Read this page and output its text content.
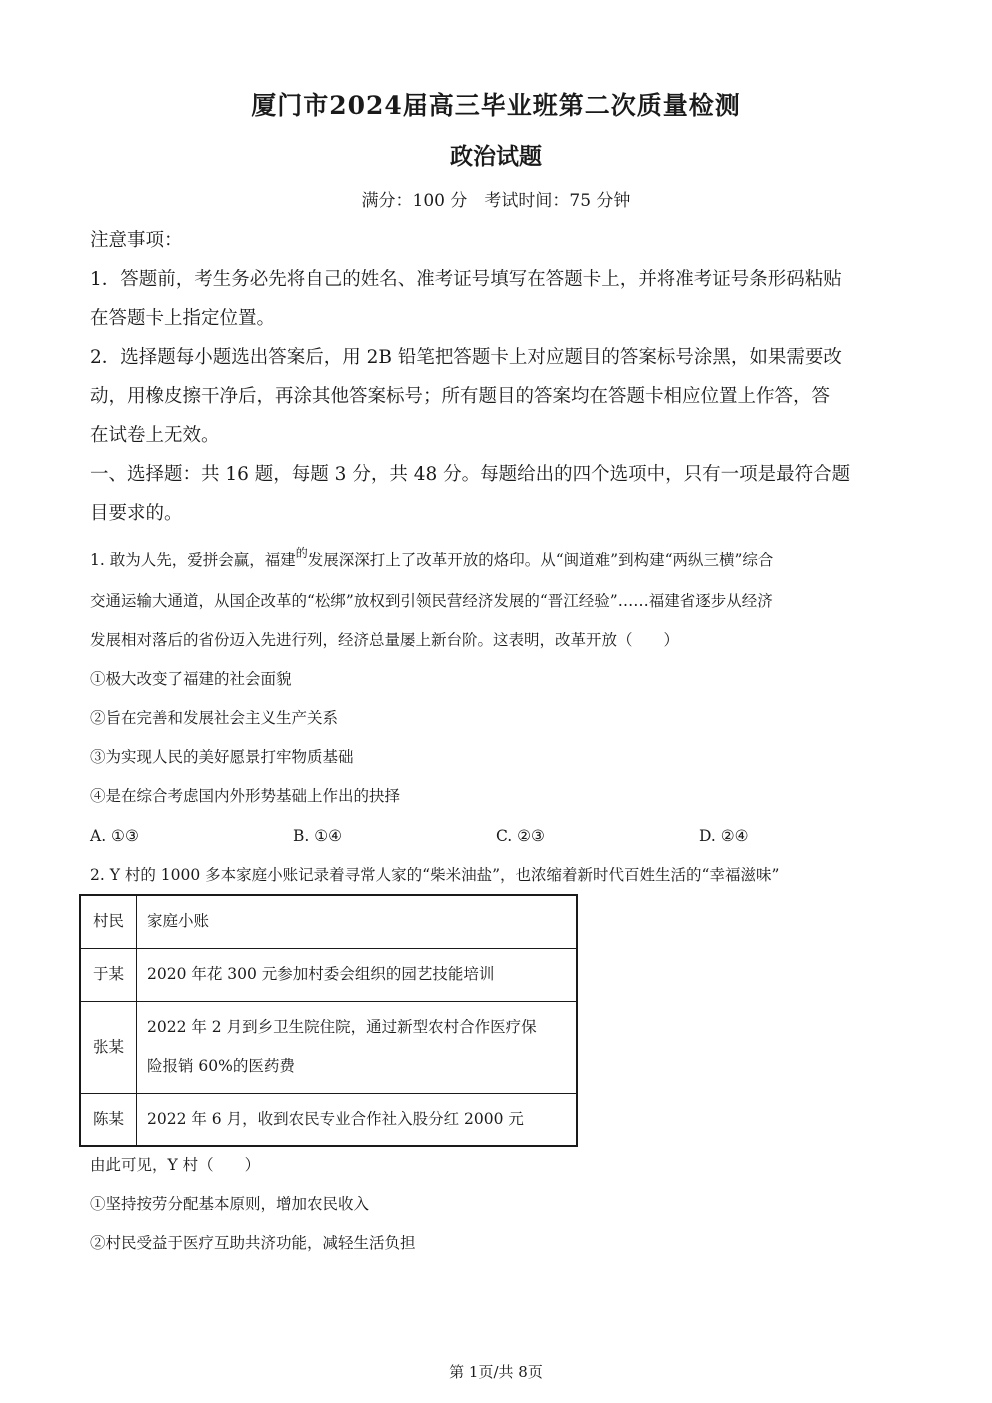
厦门市2024届高三毕业班第二次质量检测
政治试题
满分：100 分　考试时间：75 分钟
注意事项：
1．答题前，考生务必先将自己的姓名、准考证号填写在答题卡上，并将准考证号条形码粘贴
在答题卡上指定位置。
2．选择题每小题选出答案后，用 2B 铅笔把答题卡上对应题目的答案标号涂黑，如果需要改
动，用橡皮擦干净后，再涂其他答案标号；所有题目的答案均在答题卡相应位置上作答，答
在试卷上无效。
一、选择题：共 16 题，每题 3 分，共 48 分。每题给出的四个选项中，只有一项是最符合题
目要求的。
1. 敢为人先，爱拼会赢，福建$^的$发展深深打上了改革开放的烙印。从“闽道难”到构建“两纵三横”综合
交通运输大通道，从国企改革的“松绑”放权到引领民营经济发展的“晋江经验”……福建省逐步从经济
发展相对落后的省份迈入先进行列，经济总量屡上新台阶。这表明，改革开放（　　）
①极大改变了福建的社会面貌
②旨在完善和发展社会主义生产关系
③为实现人民的美好愿景打牢物质基础
④是在综合考虑国内外形势基础上作出的抉择
A. ①③	B. ①④	C. ②③	D. ②④
2. Y 村的 1000 多本家庭小账记录着寻常人家的“柴米油盐”，也浓缩着新时代百姓生活的“幸福滋味”
村民	家庭小账
于某	2020 年花 300 元参加村委会组织的园艺技能培训
张某	2022 年 2 月到乡卫生院住院，通过新型农村合作医疗保
险报销 60%的医药费

陈某	2022 年 6 月，收到农民专业合作社入股分红 2000 元
由此可见，Y 村（　　）
①坚持按劳分配基本原则，增加农民收入
②村民受益于医疗互助共济功能，减轻生活负担
第 1页/共 8页
